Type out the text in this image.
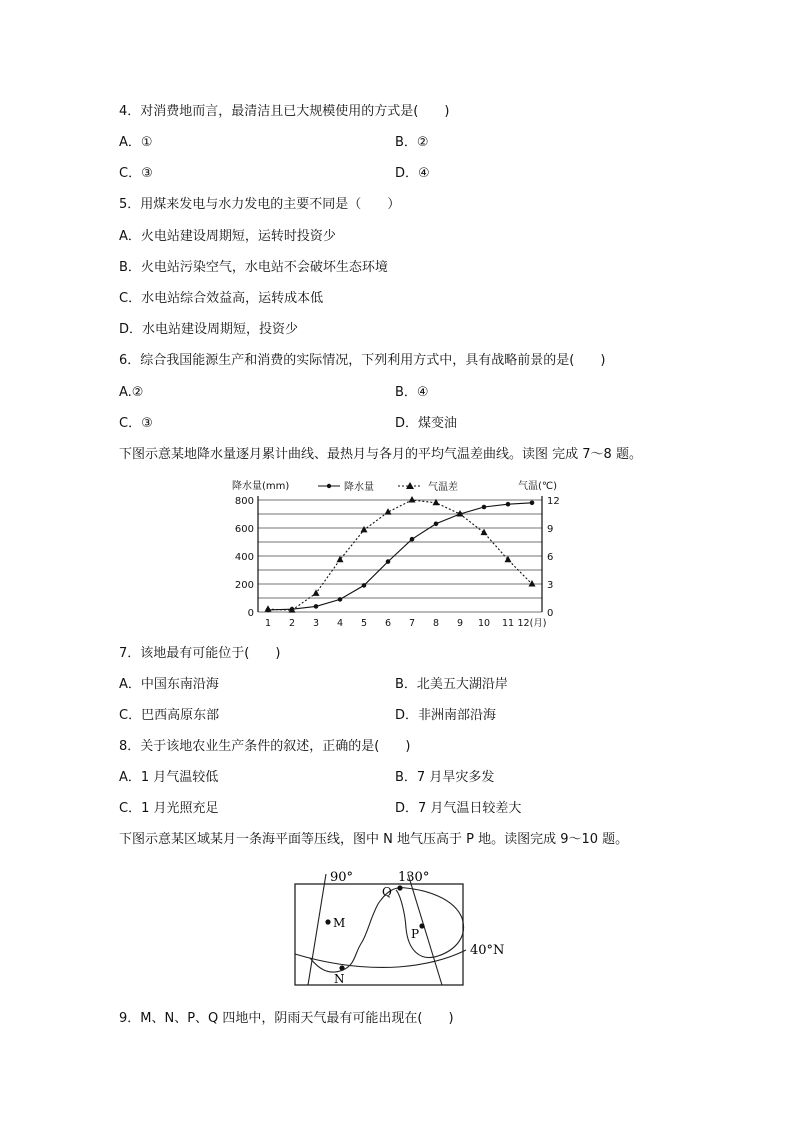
4．对消费地而言，最清洁且已大规模使用的方式是(　　)
A．①	B．②
C．③	D．④
5．用煤来发电与水力发电的主要不同是（　　）
A．火电站建设周期短，运转时投资少
B．火电站污染空气，水电站不会破坏生态环境
C．水电站综合效益高，运转成本低
D．水电站建设周期短，投资少
6．综合我国能源生产和消费的实际情况，下列利用方式中，具有战略前景的是(　　)
A.②	B．④
C．③	D．煤变油
下图示意某地降水量逐月累计曲线、最热月与各月的平均气温差曲线。读图 完成 7～8 题。
0
200
400
600
800
0
3
6
9
12
1 2 3 4 5 6 7 8 9 10 11 12(月)
降水量(mm)	气温(℃)
降水量	气温差
7．该地最有可能位于(　　)
A．中国东南沿海	B．北美五大湖沿岸
C．巴西高原东部	D．非洲南部沿海
8．关于该地农业生产条件的叙述，正确的是(　　)
A．1 月气温较低	B．7 月旱灾多发
C．1 月光照充足	D．7 月气温日较差大
下图示意某区域某月一条海平面等压线，图中 N 地气压高于 P 地。读图完成 9～10 题。
90°	130°
40°N
Q
M
P
N
9．M、N、P、Q 四地中，阴雨天气最有可能出现在(　　)
